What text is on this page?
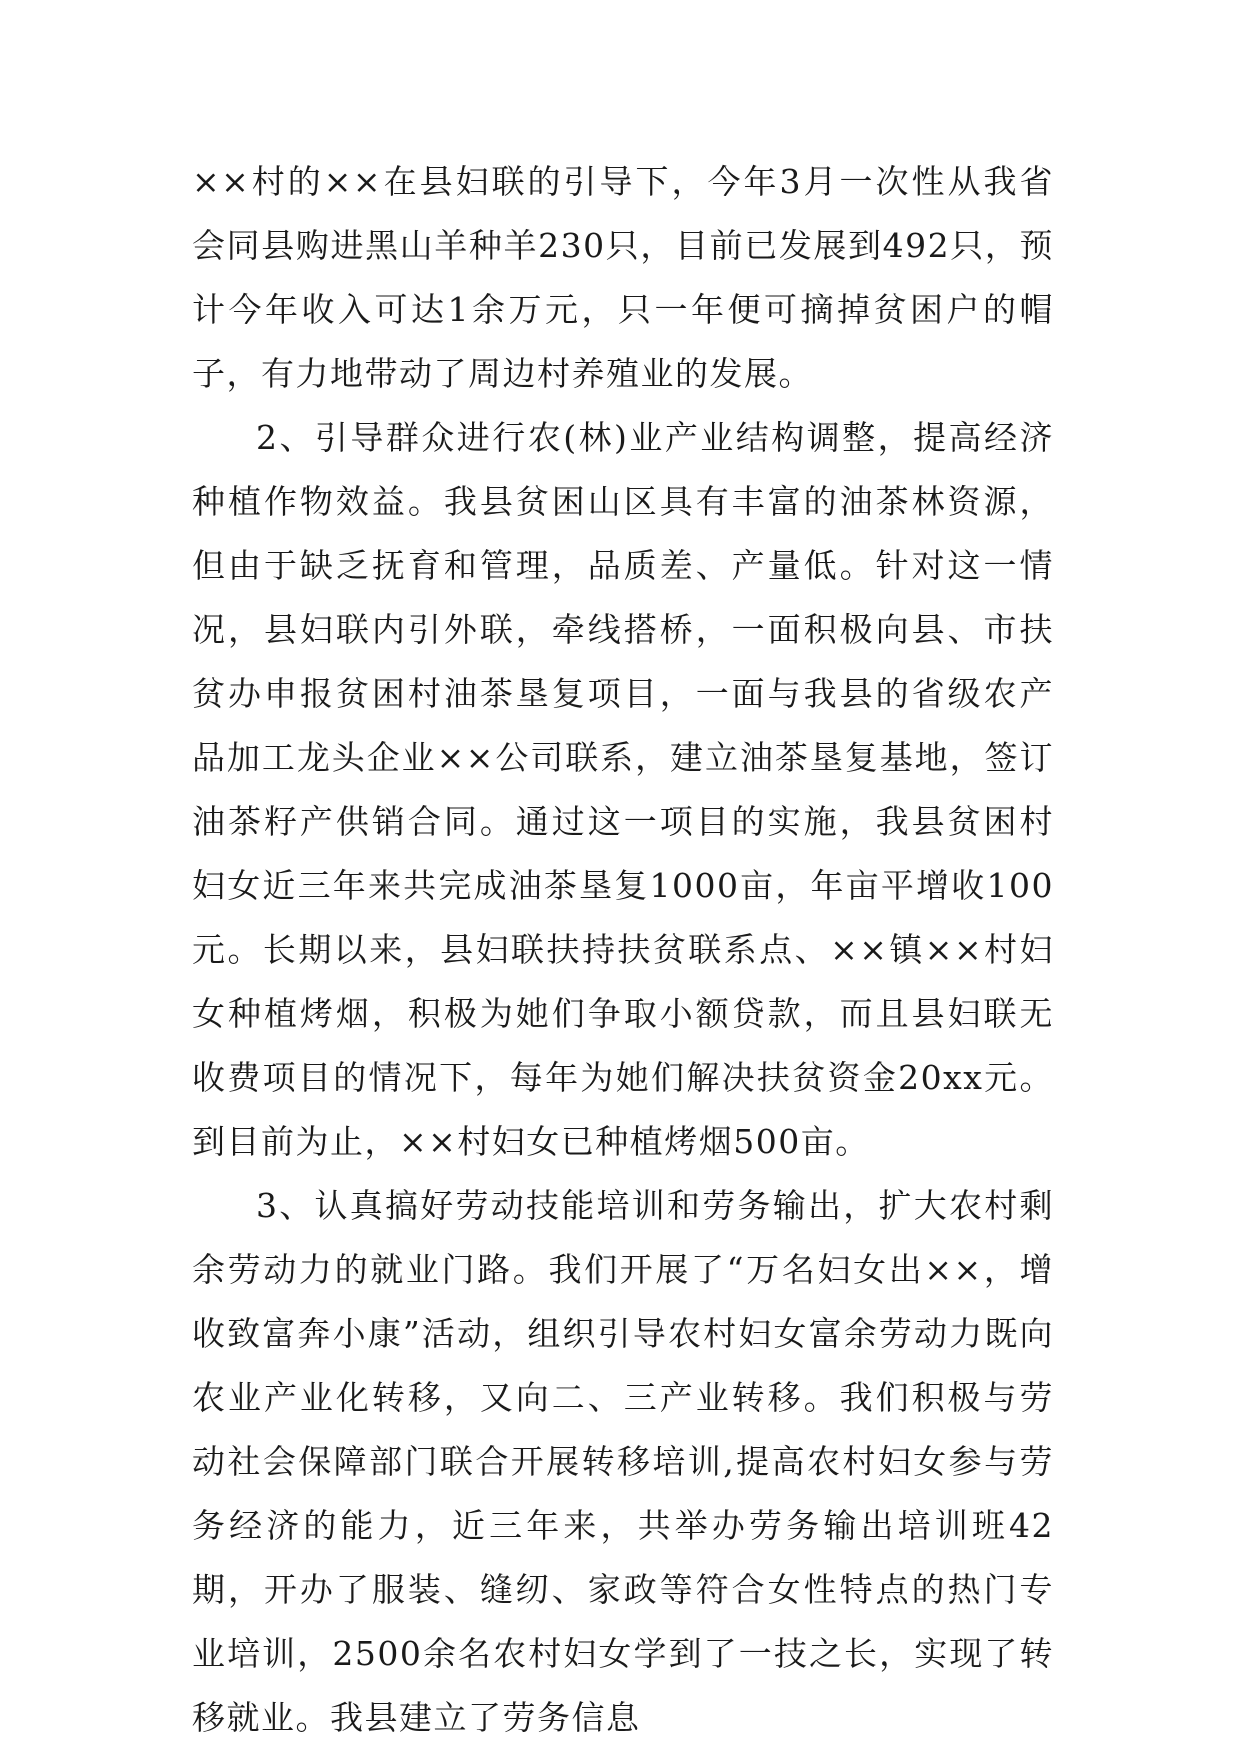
××村的××在县妇联的引导下，今年3月一次性从我省会同县购进黑山羊种羊230只，目前已发展到492只，预计今年收入可达1余万元，只一年便可摘掉贫困户的帽子，有力地带动了周边村养殖业的发展。

2、引导群众进行农(林)业产业结构调整，提高经济种植作物效益。我县贫困山区具有丰富的油茶林资源，但由于缺乏抚育和管理，品质差、产量低。针对这一情况，县妇联内引外联，牵线搭桥，一面积极向县、市扶贫办申报贫困村油茶垦复项目，一面与我县的省级农产品加工龙头企业××公司联系，建立油茶垦复基地，签订油茶籽产供销合同。通过这一项目的实施，我县贫困村妇女近三年来共完成油茶垦复1000亩，年亩平增收100元。长期以来，县妇联扶持扶贫联系点、××镇××村妇女种植烤烟，积极为她们争取小额贷款，而且县妇联无收费项目的情况下，每年为她们解决扶贫资金20xx元。到目前为止，××村妇女已种植烤烟500亩。

3、认真搞好劳动技能培训和劳务输出，扩大农村剩余劳动力的就业门路。我们开展了“万名妇女出××，增收致富奔小康”活动，组织引导农村妇女富余劳动力既向农业产业化转移，又向二、三产业转移。我们积极与劳动社会保障部门联合开展转移培训,提高农村妇女参与劳务经济的能力，近三年来，共举办劳务输出培训班42期，开办了服装、缝纫、家政等符合女性特点的热门专业培训，2500余名农村妇女学到了一技之长，实现了转移就业。我县建立了劳务信息
